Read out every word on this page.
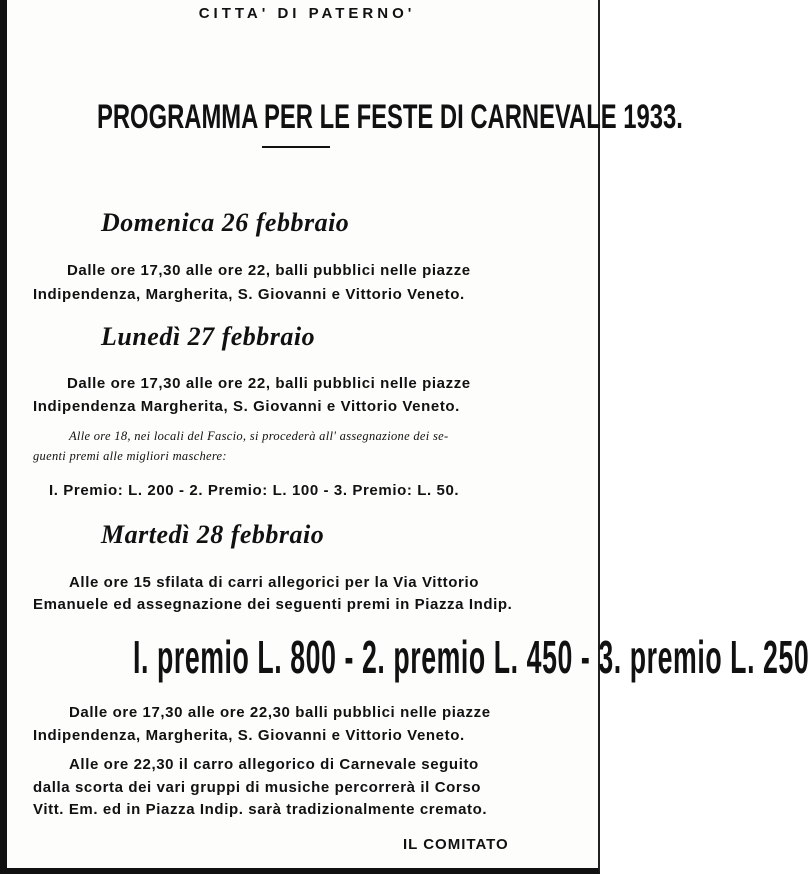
CITTA' DI PATERNO'
PROGRAMMA PER LE FESTE DI CARNEVALE 1933.
Domenica 26 febbraio
Dalle ore 17,30 alle ore 22, balli pubblici nelle piazze
Indipendenza, Margherita, S. Giovanni e Vittorio Veneto.
Lunedì 27 febbraio
Dalle ore 17,30 alle ore 22, balli pubblici nelle piazze
Indipendenza Margherita, S. Giovanni e Vittorio Veneto.
Alle ore 18, nei locali del Fascio, si procederà all' assegnazione dei se-
guenti premi alle migliori maschere:
I. Premio: L. 200 - 2. Premio: L. 100 - 3. Premio: L. 50.
Martedì 28 febbraio
Alle ore 15 sfilata di carri allegorici per la Via Vittorio
Emanuele ed assegnazione dei seguenti premi in Piazza Indip.
I. premio L. 800 - 2. premio L. 450 - 3. premio L. 250
Dalle ore 17,30 alle ore 22,30 balli pubblici nelle piazze
Indipendenza, Margherita, S. Giovanni e Vittorio Veneto.
Alle ore 22,30 il carro allegorico di Carnevale seguito
dalla scorta dei vari gruppi di musiche percorrerà il Corso
Vitt. Em. ed in Piazza Indip. sarà tradizionalmente cremato.
IL COMITATO
